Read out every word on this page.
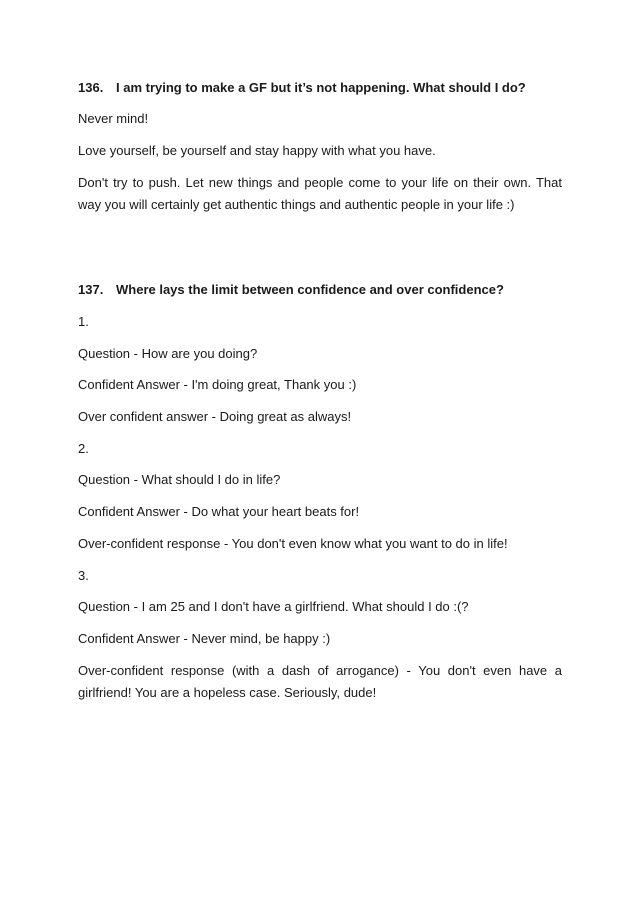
136. I am trying to make a GF but it’s not happening. What should I do?
Never mind!
Love yourself, be yourself and stay happy with what you have.
Don't try to push. Let new things and people come to your life on their own. That way you will certainly get authentic things and authentic people in your life :)
137. Where lays the limit between confidence and over confidence?
1.
Question - How are you doing?
Confident Answer - I'm doing great, Thank you :)
Over confident answer - Doing great as always!
2.
Question - What should I do in life?
Confident Answer - Do what your heart beats for!
Over-confident response - You don't even know what you want to do in life!
3.
Question - I am 25 and I don't have a girlfriend. What should I do :(?
Confident Answer - Never mind, be happy :)
Over-confident response (with a dash of arrogance) - You don't even have a girlfriend! You are a hopeless case. Seriously, dude!
